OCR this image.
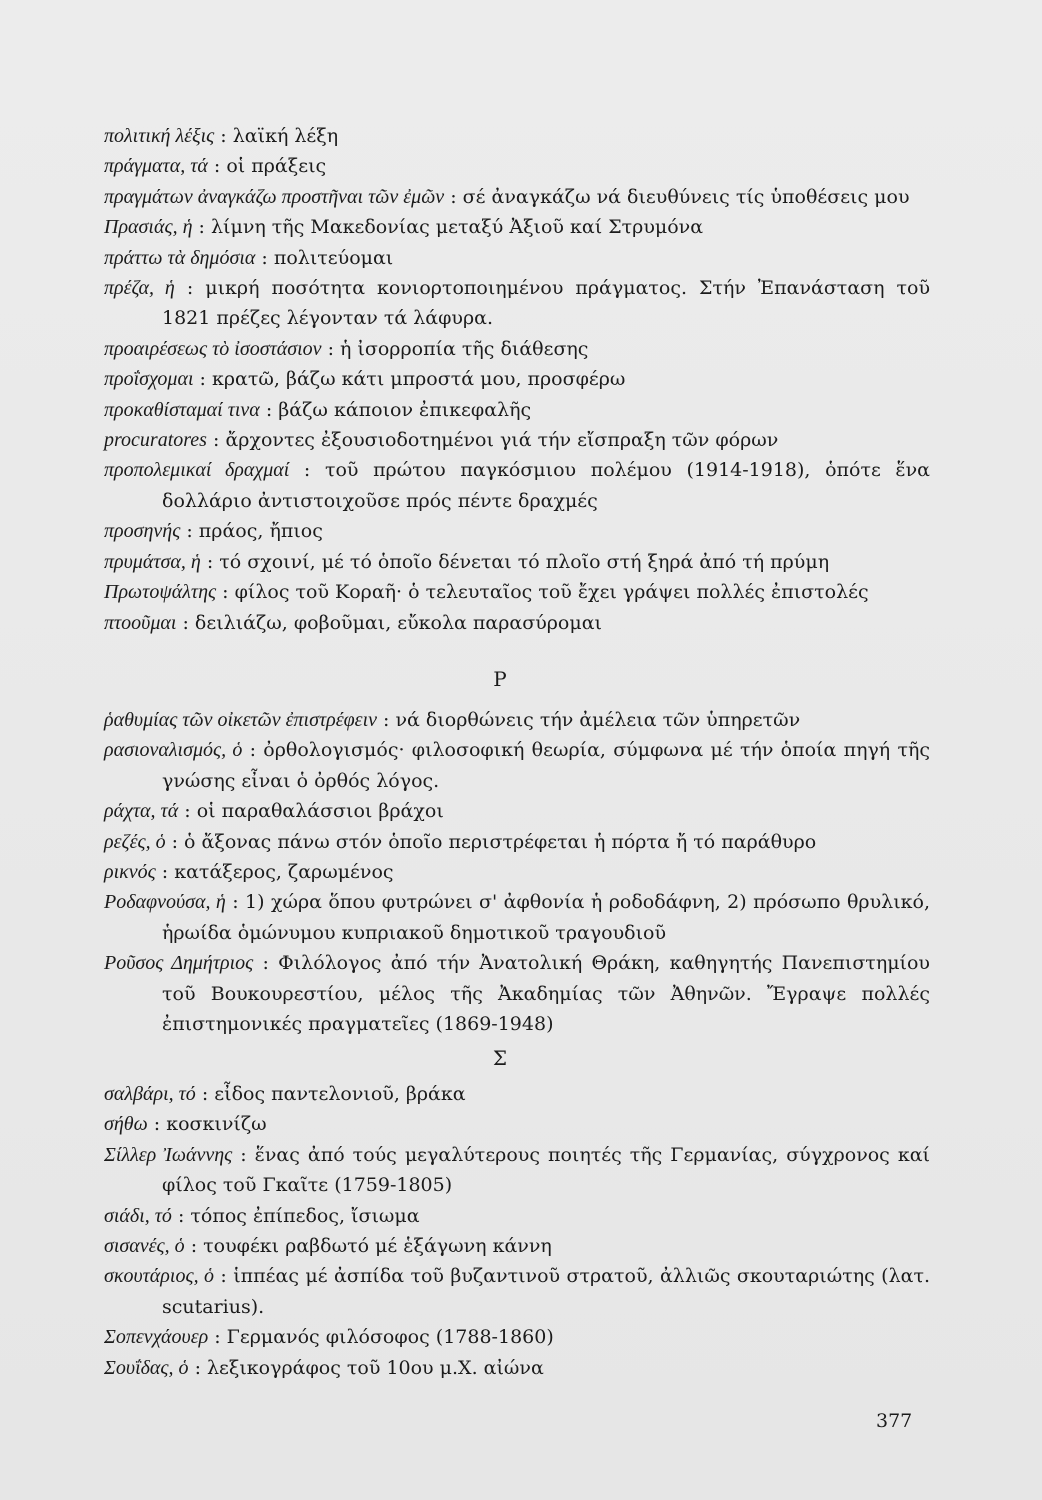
πολιτική λέξις : λαϊκή λέξη
πράγματα, τά : οἱ πράξεις
πραγμάτων ἀναγκάζω προστῆναι τῶν ἐμῶν : σέ ἀναγκάζω νά διευθύνεις τίς ὑποθέσεις μου
Πρασιάς, ἡ : λίμνη τῆς Μακεδονίας μεταξύ Ἀξιοῦ καί Στρυμόνα
πράττω τὰ δημόσια : πολιτεύομαι
πρέζα, ἡ : μικρή ποσότητα κονιορτοποιημένου πράγματος. Στήν Ἐπανάσταση τοῦ 1821 πρέζες λέγονταν τά λάφυρα.
προαιρέσεως τὸ ἰσοστάσιον : ἡ ἰσορροπία τῆς διάθεσης
προΐσχομαι : κρατῶ, βάζω κάτι μπροστά μου, προσφέρω
προκαθίσταμαί τινα : βάζω κάποιον ἐπικεφαλῆς
procuratores : ἄρχοντες ἐξουσιοδοτημένοι γιά τήν εἴσπραξη τῶν φόρων
προπολεμικαί δραχμαί : τοῦ πρώτου παγκόσμιου πολέμου (1914-1918), ὁπότε ἕνα δολλάριο ἀντιστοιχοῦσε πρός πέντε δραχμές
προσηνής : πράος, ἤπιος
πρυμάτσα, ἡ : τό σχοινί, μέ τό ὁποῖο δένεται τό πλοῖο στή ξηρά ἀπό τή πρύμη
Πρωτοψάλτης : φίλος τοῦ Κοραῆ· ὁ τελευταῖος τοῦ ἔχει γράψει πολλές ἐπιστολές
πτοοῦμαι : δειλιάζω, φοβοῦμαι, εὔκολα παρασύρομαι
Ρ
ῥαθυμίας τῶν οἰκετῶν ἐπιστρέφειν : νά διορθώνεις τήν ἀμέλεια τῶν ὑπηρετῶν
ρασιοναλισμός, ὁ : ὀρθολογισμός· φιλοσοφική θεωρία, σύμφωνα μέ τήν ὁποία πηγή τῆς γνώσης εἶναι ὁ ὀρθός λόγος.
ράχτα, τά : οἱ παραθαλάσσιοι βράχοι
ρεζές, ὁ : ὁ ἄξονας πάνω στόν ὁποῖο περιστρέφεται ἡ πόρτα ἤ τό παράθυρο
ρικνός : κατάξερος, ζαρωμένος
Ροδαφνούσα, ἡ : 1) χώρα ὅπου φυτρώνει σ' ἀφθονία ἡ ροδοδάφνη, 2) πρόσωπο θρυλικό, ἡρωίδα ὁμώνυμου κυπριακοῦ δημοτικοῦ τραγουδιοῦ
Ροῦσος Δημήτριος : Φιλόλογος ἀπό τήν Ἀνατολική Θράκη, καθηγητής Πανεπιστημίου τοῦ Βουκουρεστίου, μέλος τῆς Ἀκαδημίας τῶν Ἀθηνῶν. Ἔγραψε πολλές ἐπιστημονικές πραγματεῖες (1869-1948)
Σ
σαλβάρι, τό : εἶδος παντελονιοῦ, βράκα
σήθω : κοσκινίζω
Σίλλερ Ἰωάννης : ἕνας ἀπό τούς μεγαλύτερους ποιητές τῆς Γερμανίας, σύγχρονος καί φίλος τοῦ Γκαῖτε (1759-1805)
σιάδι, τό : τόπος ἐπίπεδος, ἴσιωμα
σισανές, ὁ : τουφέκι ραβδωτό μέ ἑξάγωνη κάννη
σκουτάριος, ὁ : ἱππέας μέ ἀσπίδα τοῦ βυζαντινοῦ στρατοῦ, ἀλλιῶς σκουταριώτης (λατ. scutarius).
Σοπενχάουερ : Γερμανός φιλόσοφος (1788-1860)
Σουΐδας, ὁ : λεξικογράφος τοῦ 10ου μ.Χ. αἰώνα
377
